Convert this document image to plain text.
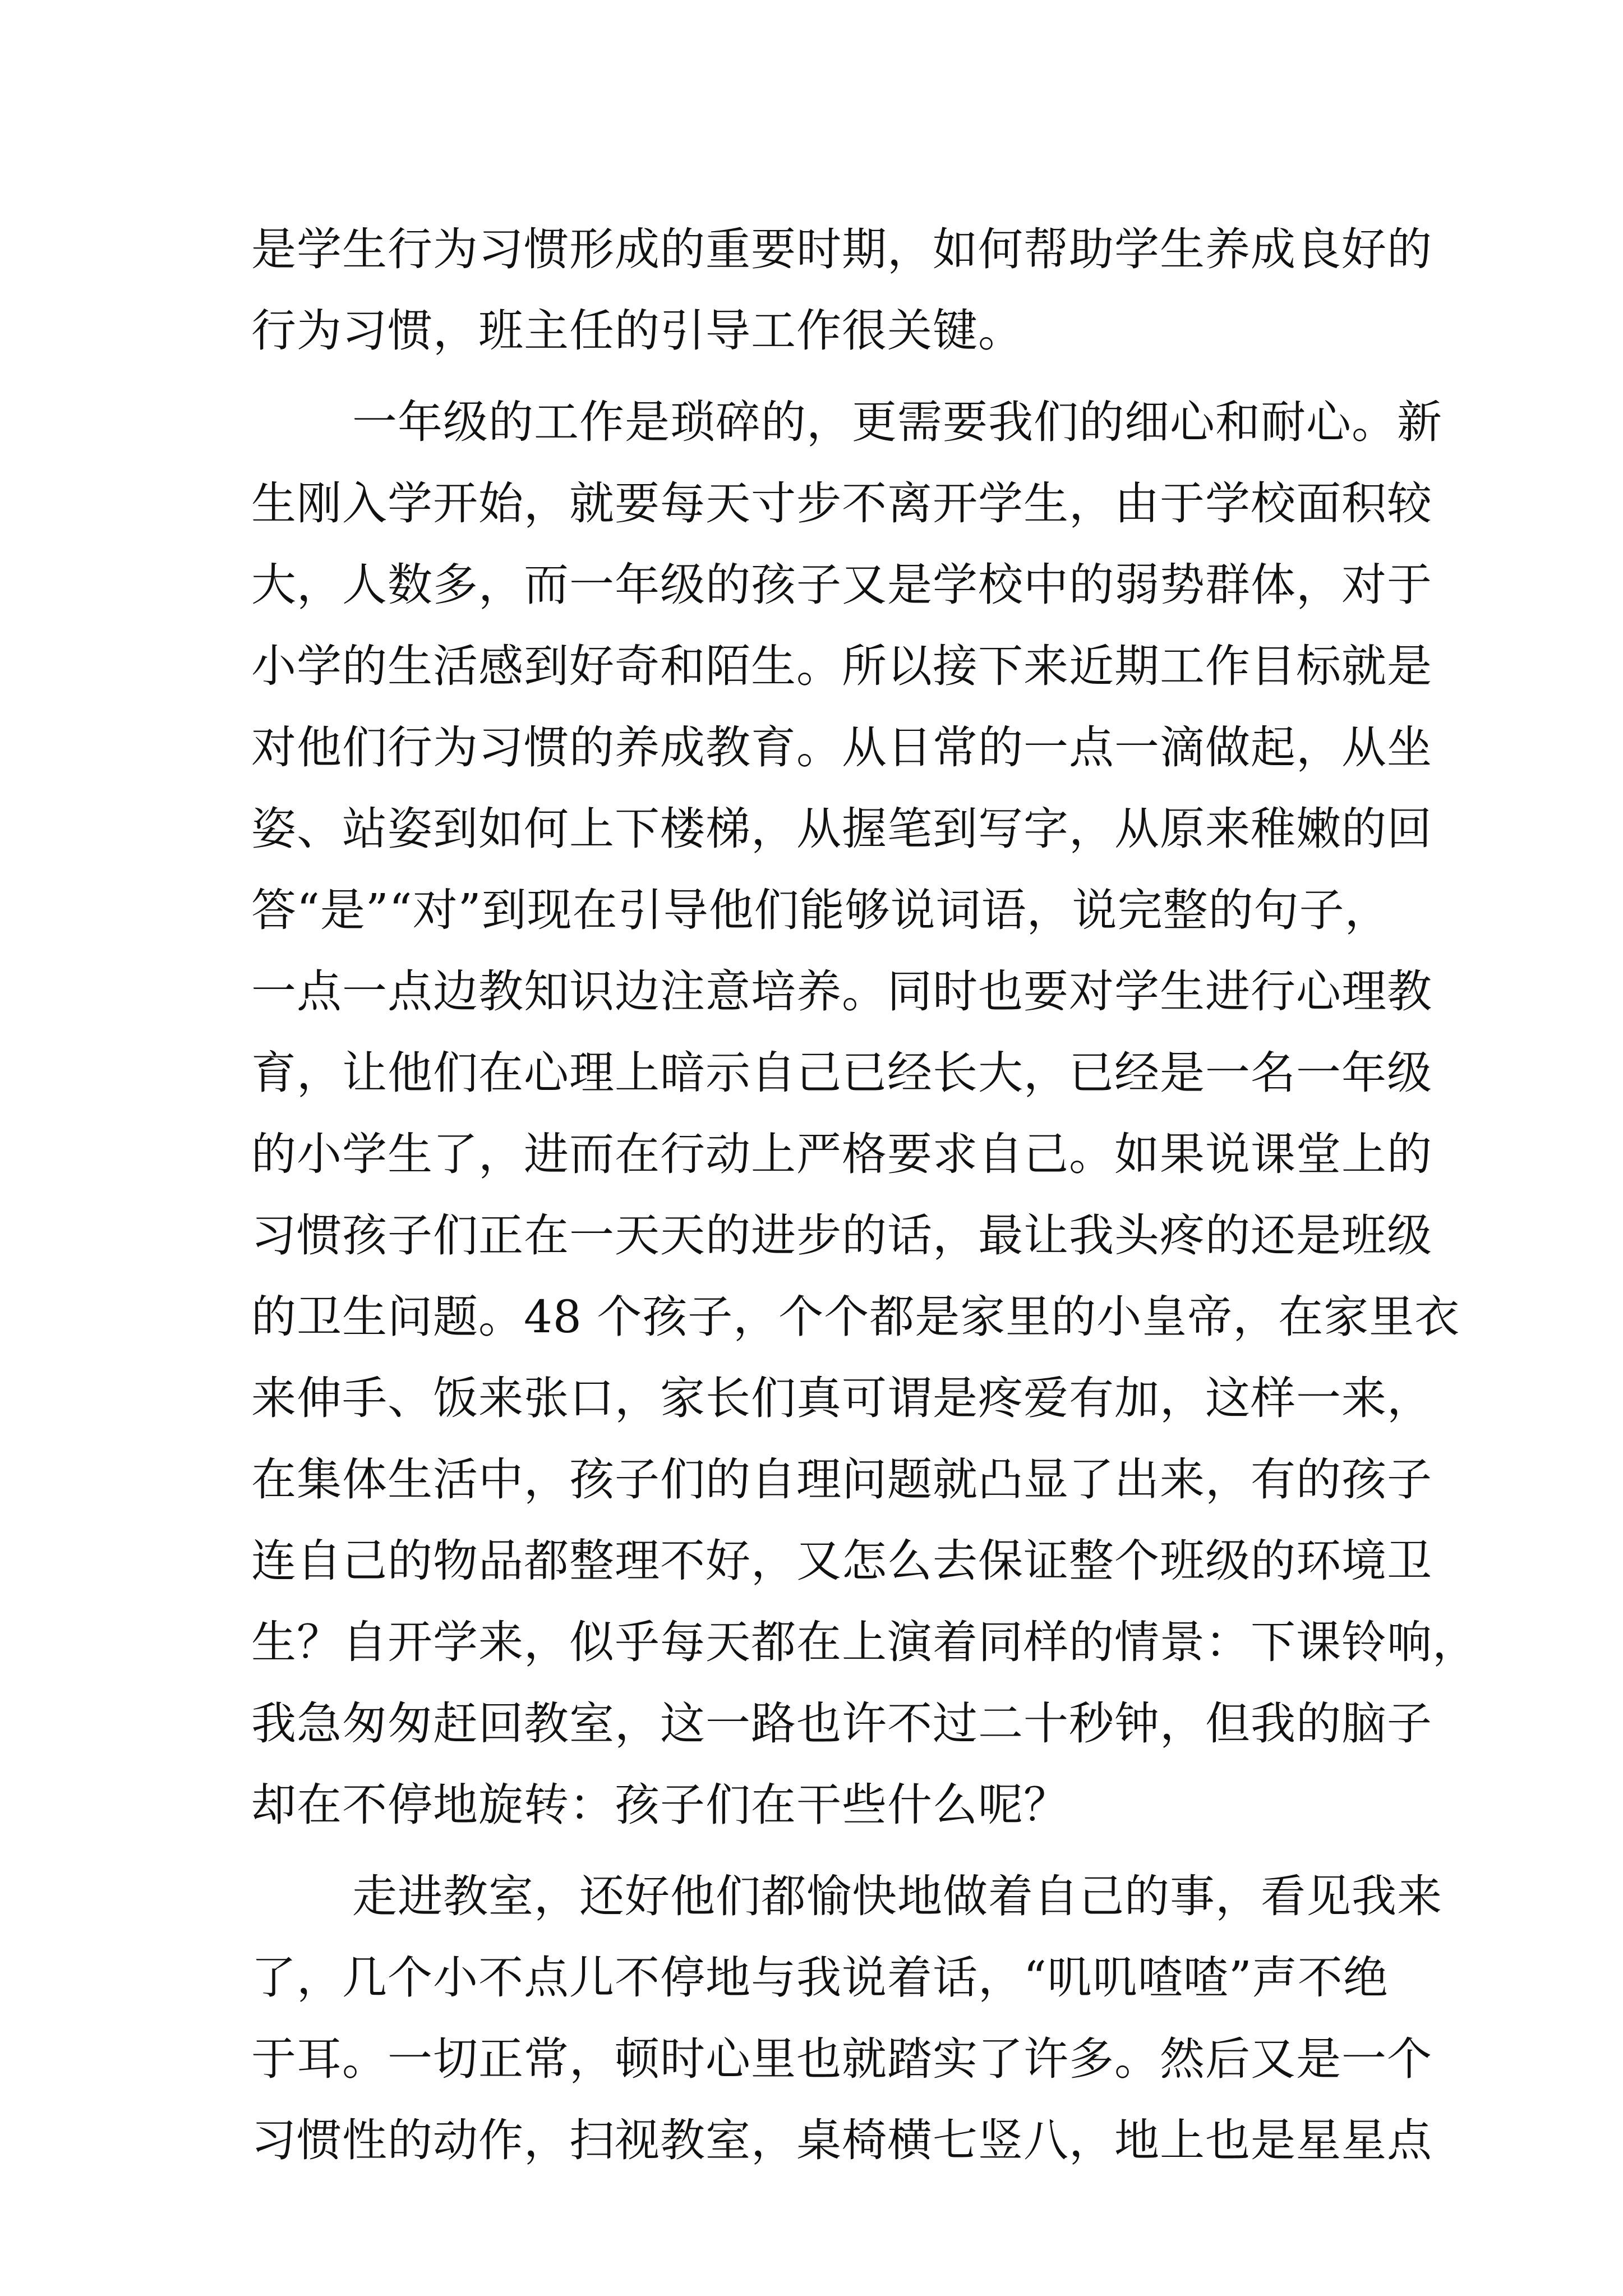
是学生行为习惯形成的重要时期，如何帮助学生养成良好的
行为习惯，班主任的引导工作很关键。
一年级的工作是琐碎的，更需要我们的细心和耐心。新
生刚入学开始，就要每天寸步不离开学生，由于学校面积较
大，人数多，而一年级的孩子又是学校中的弱势群体，对于
小学的生活感到好奇和陌生。所以接下来近期工作目标就是
对他们行为习惯的养成教育。从日常的一点一滴做起，从坐
姿、站姿到如何上下楼梯，从握笔到写字，从原来稚嫩的回
答“是”“对”到现在引导他们能够说词语，说完整的句子，
一点一点边教知识边注意培养。同时也要对学生进行心理教
育，让他们在心理上暗示自己已经长大，已经是一名一年级
的小学生了，进而在行动上严格要求自己。如果说课堂上的
习惯孩子们正在一天天的进步的话，最让我头疼的还是班级
的卫生问题。48 个孩子，个个都是家里的小皇帝，在家里衣
来伸手、饭来张口，家长们真可谓是疼爱有加，这样一来，
在集体生活中，孩子们的自理问题就凸显了出来，有的孩子
连自己的物品都整理不好，又怎么去保证整个班级的环境卫
生？自开学来，似乎每天都在上演着同样的情景：下课铃响，
我急匆匆赶回教室，这一路也许不过二十秒钟，但我的脑子
却在不停地旋转：孩子们在干些什么呢？
走进教室，还好他们都愉快地做着自己的事，看见我来
了，几个小不点儿不停地与我说着话，“叽叽喳喳”声不绝
于耳。一切正常，顿时心里也就踏实了许多。然后又是一个
习惯性的动作，扫视教室，桌椅横七竖八，地上也是星星点
